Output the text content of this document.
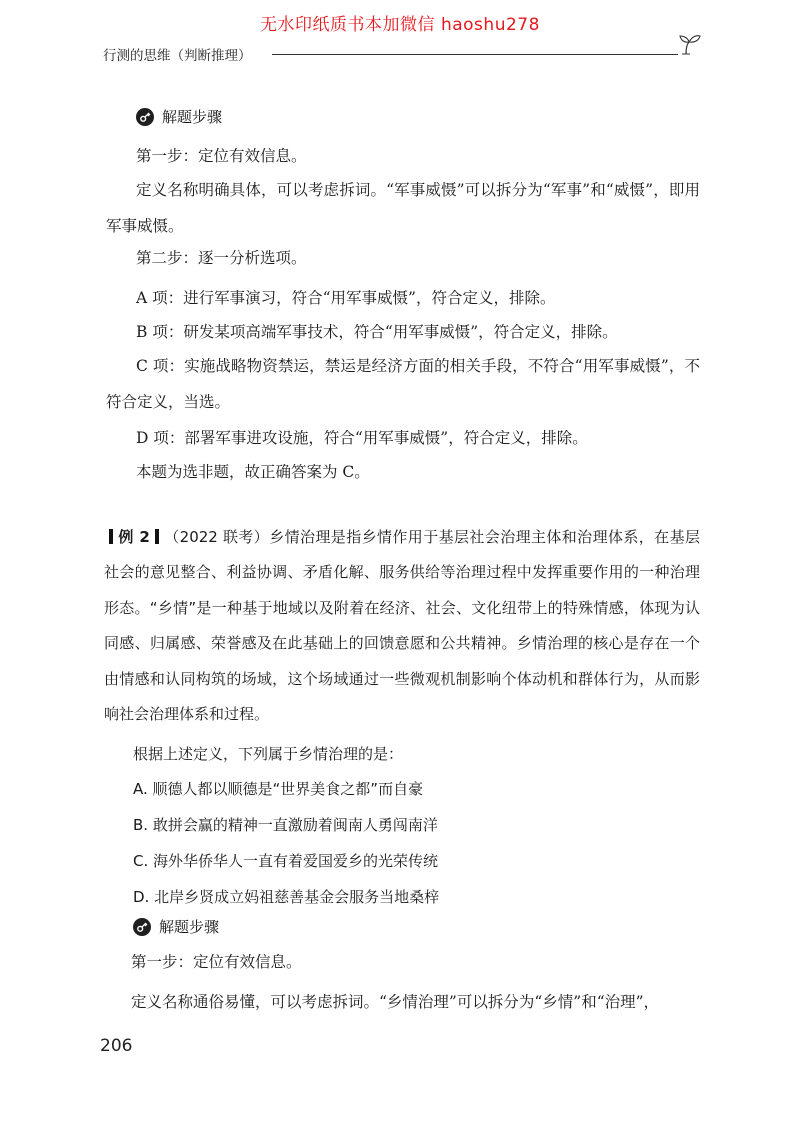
无水印纸质书本加微信 haoshu278
行测的思维（判断推理）
解题步骤
第一步：定位有效信息。
定义名称明确具体，可以考虑拆词。“军事威慑”可以拆分为“军事”和“威慑”，即用军事威慑。
第二步：逐一分析选项。
A 项：进行军事演习，符合“用军事威慑”，符合定义，排除。
B 项：研发某项高端军事技术，符合“用军事威慑”，符合定义，排除。
C 项：实施战略物资禁运，禁运是经济方面的相关手段，不符合“用军事威慑”，不符合定义，当选。
D 项：部署军事进攻设施，符合“用军事威慑”，符合定义，排除。
本题为选非题，故正确答案为 C。
例 2 （2022 联考）乡情治理是指乡情作用于基层社会治理主体和治理体系，在基层社会的意见整合、利益协调、矛盾化解、服务供给等治理过程中发挥重要作用的一种治理形态。“乡情”是一种基于地域以及附着在经济、社会、文化纽带上的特殊情感，体现为认同感、归属感、荣誉感及在此基础上的回馈意愿和公共精神。乡情治理的核心是存在一个由情感和认同构筑的场域，这个场域通过一些微观机制影响个体动机和群体行为，从而影响社会治理体系和过程。
根据上述定义，下列属于乡情治理的是：
A. 顺德人都以顺德是“世界美食之都”而自豪
B. 敢拼会赢的精神一直激励着闽南人勇闯南洋
C. 海外华侨华人一直有着爱国爱乡的光荣传统
D. 北岸乡贤成立妈祖慈善基金会服务当地桑梓
解题步骤
第一步：定位有效信息。
定义名称通俗易懂，可以考虑拆词。“乡情治理”可以拆分为“乡情”和“治理”，
206
